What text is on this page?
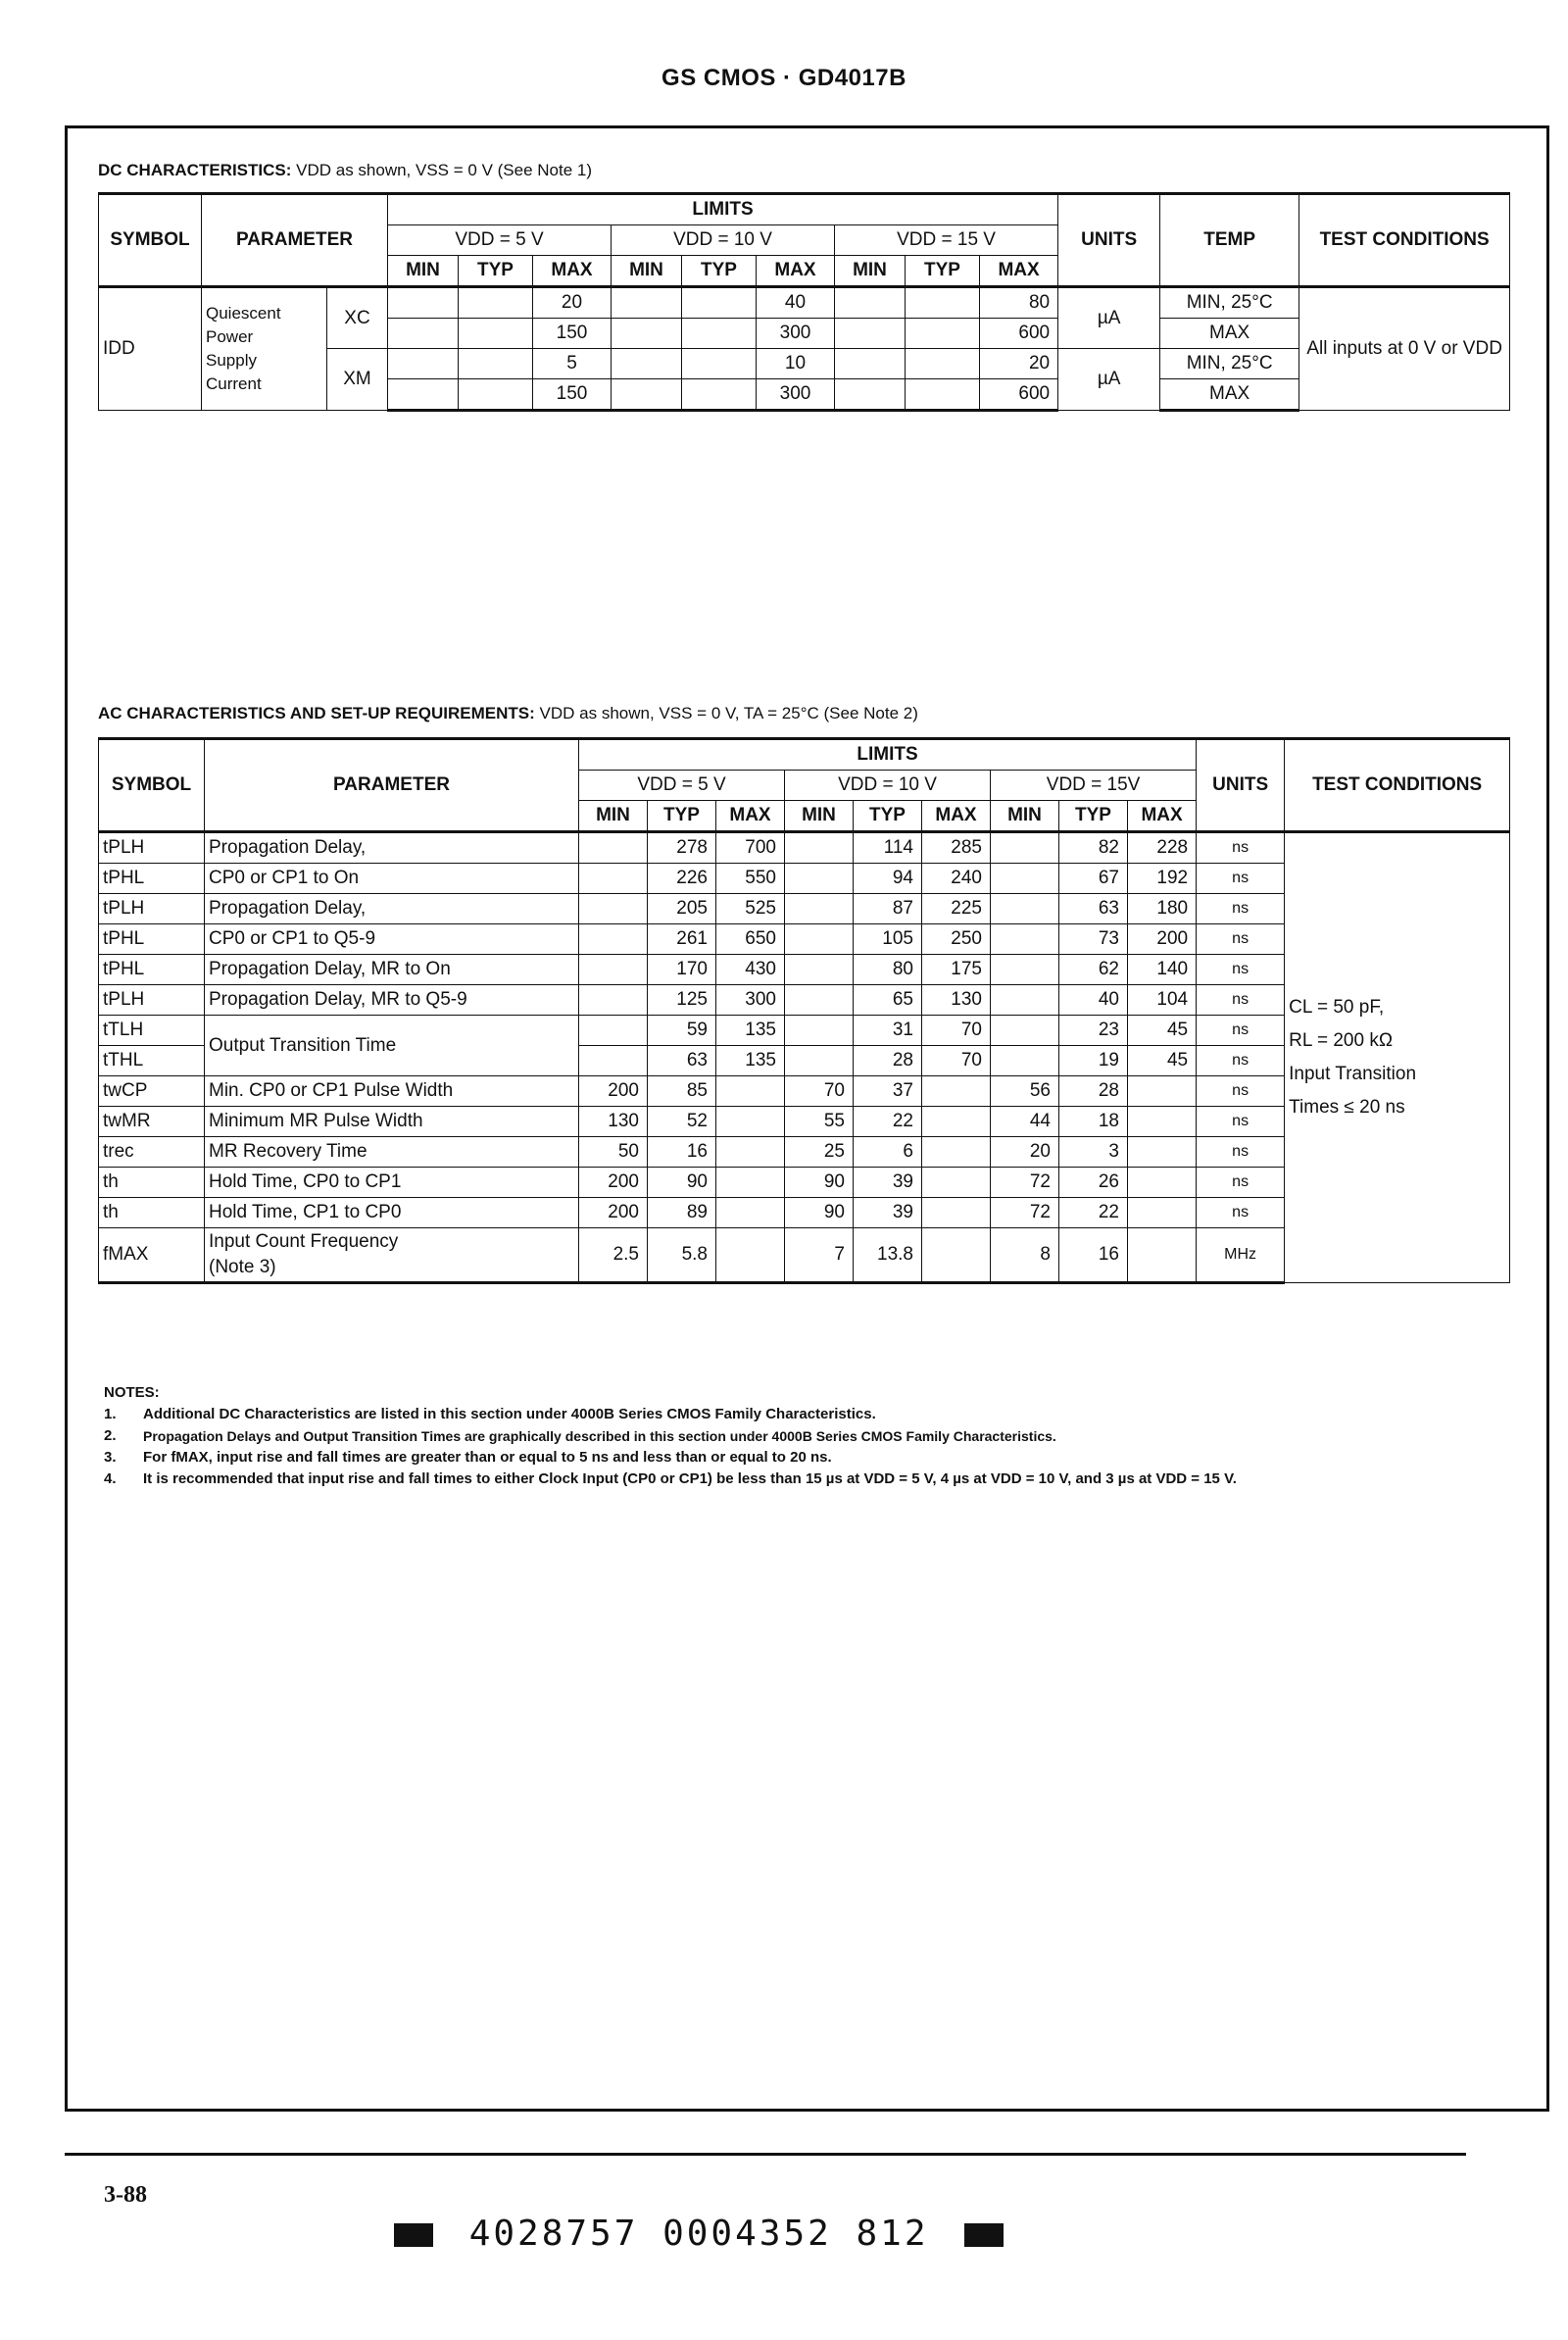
GS CMOS · GD4017B
DC CHARACTERISTICS: VDD as shown, VSS = 0 V (See Note 1)
SYMBOL	PARAMETER		LIMITS									UNITS	TEMP	TEST CONDITIONS
			VDD = 5 V			VDD = 10 V			VDD = 15 V					
			MIN	TYP	MAX	MIN	TYP	MAX	MIN	TYP	MAX			
IDD	Quiescent
Power
Supply
Current	XC			20			40			80	µA	MIN, 25°C	All inputs at 0 V or VDD
					150			300			600		MAX	
		XM			5			10			20	µA	MIN, 25°C	
					150			300			600		MAX	
AC CHARACTERISTICS AND SET-UP REQUIREMENTS: VDD as shown, VSS = 0 V, TA = 25°C (See Note 2)
SYMBOL	PARAMETER	LIMITS									UNITS	TEST CONDITIONS
		VDD = 5 V			VDD = 10 V			VDD = 15V				
		MIN	TYP	MAX	MIN	TYP	MAX	MIN	TYP	MAX		
tPLH	Propagation Delay,		278	700		114	285		82	228	ns	CL = 50 pF,
RL = 200 kΩ
Input Transition
Times ≤ 20 ns

tPHL	CP0 or CP1 to On		226	550		94	240		67	192	ns	
tPLH	Propagation Delay,		205	525		87	225		63	180	ns	
tPHL	CP0 or CP1 to Q5-9		261	650		105	250		73	200	ns	
tPHL	Propagation Delay, MR to On		170	430		80	175		62	140	ns	
tPLH	Propagation Delay, MR to Q5-9		125	300		65	130		40	104	ns	
tTLH	Output Transition Time		59	135		31	70		23	45	ns	
tTHL			63	135		28	70		19	45	ns	
twCP	Min. CP0 or CP1 Pulse Width	200	85		70	37		56	28		ns	
twMR	Minimum MR Pulse Width	130	52		55	22		44	18		ns	
trec	MR Recovery Time	50	16		25	6		20	3		ns	
th	Hold Time, CP0 to CP1	200	90		90	39		72	26		ns	
th	Hold Time, CP1 to CP0	200	89		90	39		72	22		ns	
fMAX	Input Count Frequency
(Note 3)	2.5	5.8		7	13.8		8	16		MHz	
NOTES:
1.	Additional DC Characteristics are listed in this section under 4000B Series CMOS Family Characteristics.
2.	Propagation Delays and Output Transition Times are graphically described in this section under 4000B Series CMOS Family Characteristics.
3.	For fMAX, input rise and fall times are greater than or equal to 5 ns and less than or equal to 20 ns.
4.	It is recommended that input rise and fall times to either Clock Input (CP0 or CP1) be less than 15 µs at VDD = 5 V, 4 µs at VDD = 10 V, and 3 µs at VDD = 15 V.
3-88
4028757 0004352 812
